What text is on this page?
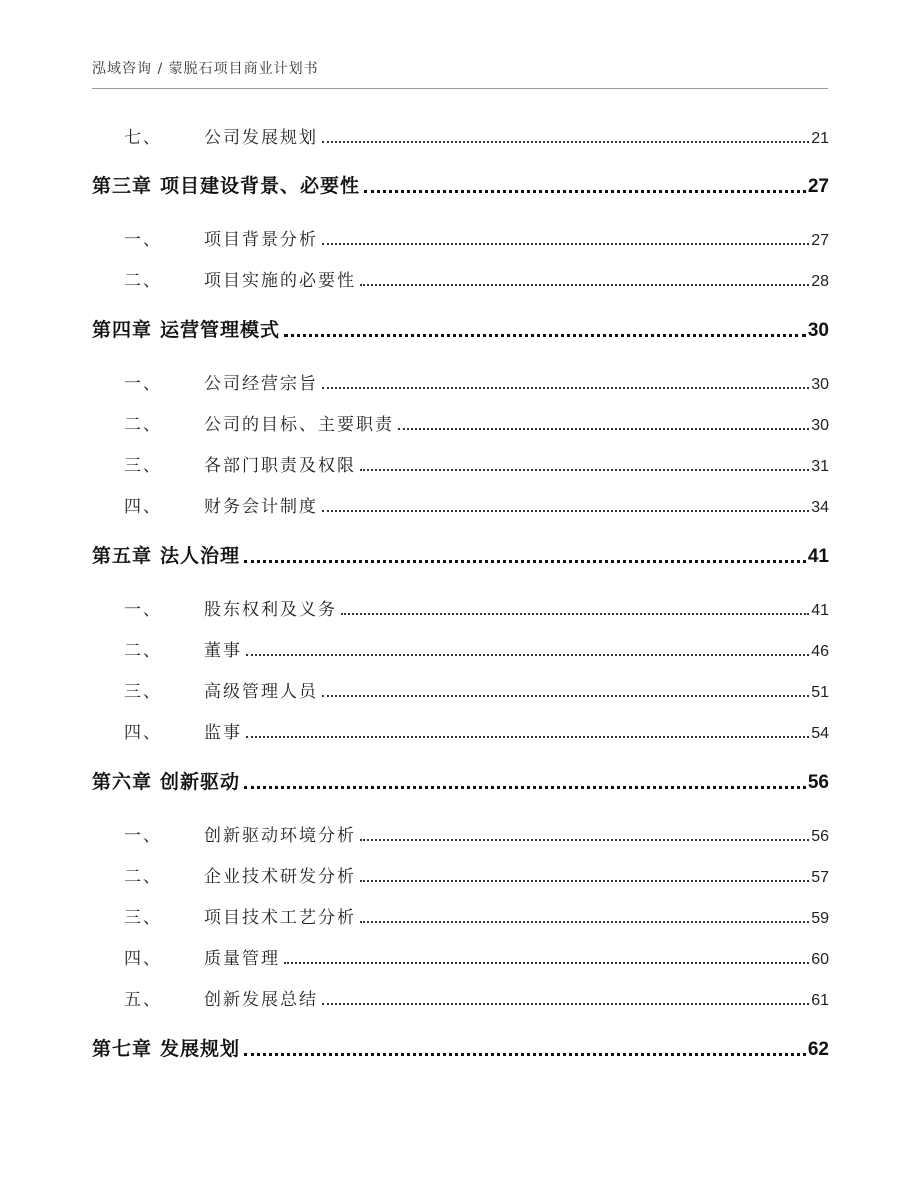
泓域咨询 / 蒙脱石项目商业计划书
七、	公司发展规划	21
第三章 项目建设背景、必要性	27
一、	项目背景分析	27
二、	项目实施的必要性	28
第四章 运营管理模式	30
一、	公司经营宗旨	30
二、	公司的目标、主要职责	30
三、	各部门职责及权限	31
四、	财务会计制度	34
第五章 法人治理	41
一、	股东权利及义务	41
二、	董事	46
三、	高级管理人员	51
四、	监事	54
第六章 创新驱动	56
一、	创新驱动环境分析	56
二、	企业技术研发分析	57
三、	项目技术工艺分析	59
四、	质量管理	60
五、	创新发展总结	61
第七章 发展规划	62
